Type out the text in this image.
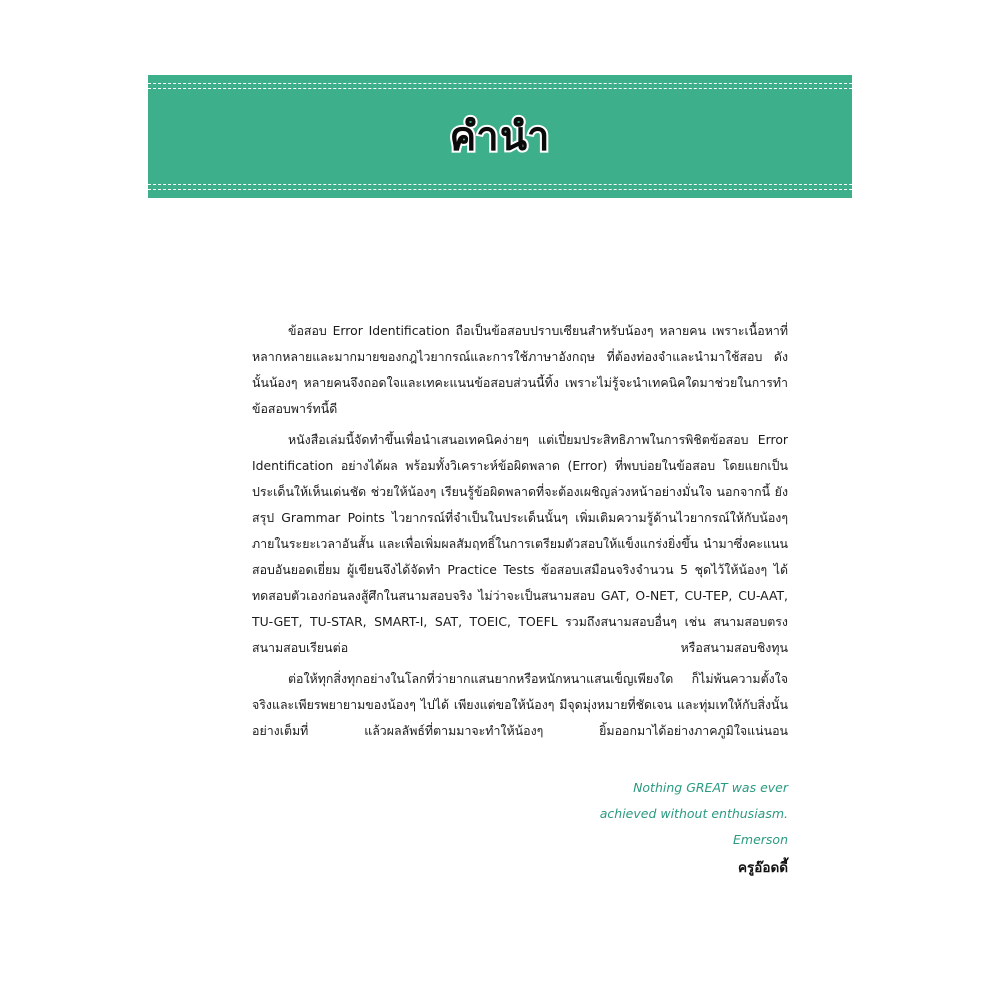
คำนำ

ข้อสอบ Error Identification ถือเป็นข้อสอบปราบเซียนสำหรับน้องๆ หลายคน เพราะเนื้อหาที่หลากหลายและมากมายของกฎไวยากรณ์และการใช้ภาษาอังกฤษ ที่ต้องท่องจำและนำมาใช้สอบ ดังนั้นน้องๆ หลายคนจึงถอดใจและเทคะแนนข้อสอบส่วนนี้ทิ้ง เพราะไม่รู้จะนำเทคนิคใดมาช่วยในการทำข้อสอบพาร์ทนี้ดี

หนังสือเล่มนี้จัดทำขึ้นเพื่อนำเสนอเทคนิคง่ายๆ แต่เปี่ยมประสิทธิภาพในการพิชิตข้อสอบ Error Identification อย่างได้ผล พร้อมทั้งวิเคราะห์ข้อผิดพลาด (Error) ที่พบบ่อยในข้อสอบ โดยแยกเป็นประเด็นให้เห็นเด่นชัด ช่วยให้น้องๆ เรียนรู้ข้อผิดพลาดที่จะต้องเผชิญล่วงหน้าอย่างมั่นใจ นอกจากนี้ ยังสรุป Grammar Points ไวยากรณ์ที่จำเป็นในประเด็นนั้นๆ เพิ่มเติมความรู้ด้านไวยากรณ์ให้กับน้องๆ ภายในระยะเวลาอันสั้น และเพื่อเพิ่มผลสัมฤทธิ์ในการเตรียมตัวสอบให้แข็งแกร่งยิ่งขึ้น นำมาซึ่งคะแนนสอบอันยอดเยี่ยม ผู้เขียนจึงได้จัดทำ Practice Tests ข้อสอบเสมือนจริงจำนวน 5 ชุดไว้ให้น้องๆ ได้ทดสอบตัวเองก่อนลงสู้ศึกในสนามสอบจริง ไม่ว่าจะเป็นสนามสอบ GAT, O-NET, CU-TEP, CU-AAT, TU-GET, TU-STAR, SMART-I, SAT, TOEIC, TOEFL รวมถึงสนามสอบอื่นๆ เช่น สนามสอบตรง สนามสอบเรียนต่อ หรือสนามสอบชิงทุน

ต่อให้ทุกสิ่งทุกอย่างในโลกที่ว่ายากแสนยากหรือหนักหนาแสนเข็ญเพียงใด ก็ไม่พ้นความตั้งใจจริงและเพียรพยายามของน้องๆ ไปได้ เพียงแต่ขอให้น้องๆ มีจุดมุ่งหมายที่ชัดเจน และทุ่มเทให้กับสิ่งนั้นอย่างเต็มที่ แล้วผลลัพธ์ที่ตามมาจะทำให้น้องๆ ยิ้มออกมาได้อย่างภาคภูมิใจแน่นอน

Nothing GREAT was ever
achieved without enthusiasm.
Emerson
ครูอ๊อดดี้
